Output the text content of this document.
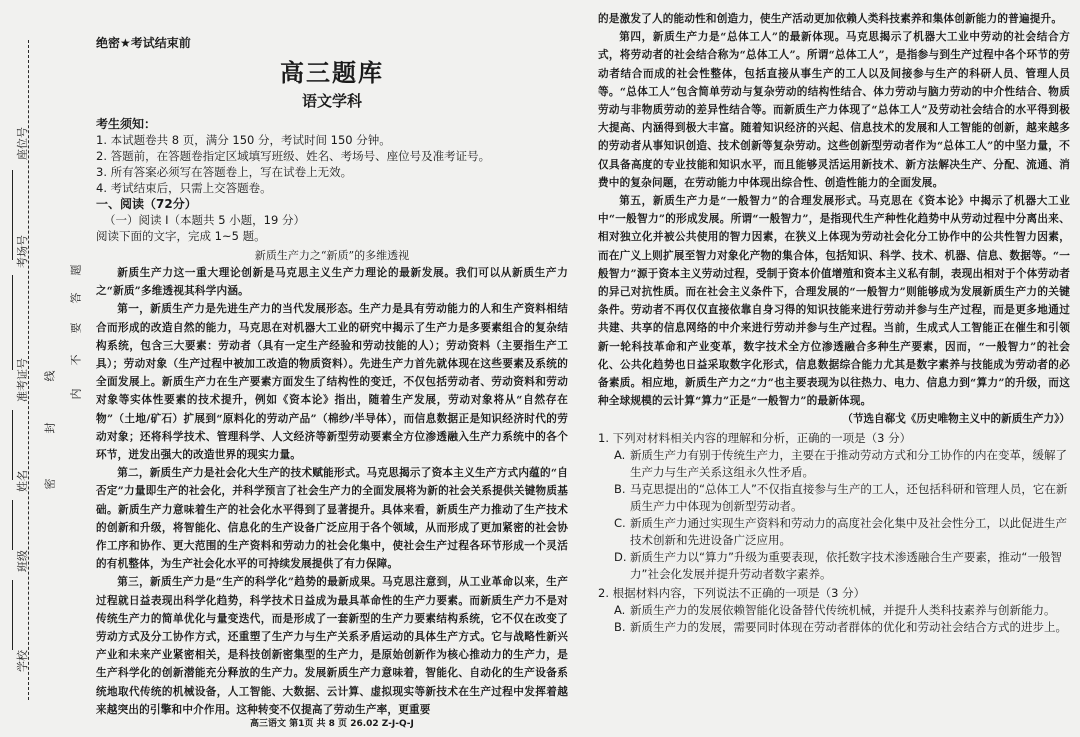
座位号
考场号
准考证号
姓名
班级
学校
密
封
线
内
不
要
答
题
绝密★考试结束前
高三题库
语文学科
考生须知：
1. 本试题卷共 8 页，满分 150 分，考试时间 150 分钟。
2. 答题前，在答题卷指定区域填写班级、姓名、考场号、座位号及准考证号。
3. 所有答案必须写在答题卷上，写在试卷上无效。
4. 考试结束后，只需上交答题卷。
一、阅读（72分）
（一）阅读 I（本题共 5 小题，19 分）
阅读下面的文字，完成 1~5 题。
新质生产力之“新质”的多维透视
新质生产力这一重大理论创新是马克思主义生产力理论的最新发展。我们可以从新质生产力之“新质”多维透视其科学内涵。
第一，新质生产力是先进生产力的当代发展形态。生产力是具有劳动能力的人和生产资料相结合而形成的改造自然的能力，马克思在对机器大工业的研究中揭示了生产力是多要素组合的复杂结构系统，包含三大要素：劳动者（具有一定生产经验和劳动技能的人）；劳动资料（主要指生产工具）；劳动对象（生产过程中被加工改造的物质资料）。先进生产力首先就体现在这些要素及系统的全面发展上。新质生产力在生产要素方面发生了结构性的变迁，不仅包括劳动者、劳动资料和劳动对象等实体性要素的技术提升，例如《资本论》指出，随着生产发展，劳动对象将从“自然存在物”（土地/矿石）扩展到“原料化的劳动产品”（棉纱/半导体），而信息数据正是知识经济时代的劳动对象；还将科学技术、管理科学、人文经济等新型劳动要素全方位渗透融入生产力系统中的各个环节，迸发出强大的改造世界的现实力量。
第二，新质生产力是社会化大生产的技术赋能形式。马克思揭示了资本主义生产方式内蕴的“自否定”力量即生产的社会化，并科学预言了社会生产力的全面发展将为新的社会关系提供关键物质基础。新质生产力意味着生产的社会化水平得到了显著提升。具体来看，新质生产力推动了生产技术的创新和升级，将智能化、信息化的生产设备广泛应用于各个领域，从而形成了更加紧密的社会协作工序和协作、更大范围的生产资料和劳动力的社会化集中，使社会生产过程各环节形成一个灵活的有机整体，为生产社会化水平的可持续发展提供了有力保障。
第三，新质生产力是“生产的科学化”趋势的最新成果。马克思注意到，从工业革命以来，生产过程就日益表现出科学化趋势，科学技术日益成为最具革命性的生产力要素。而新质生产力不是对传统生产力的简单优化与量变迭代，而是形成了一套新型的生产力要素结构系统，它不仅在改变了劳动方式及分工协作方式，还重塑了生产力与生产关系矛盾运动的具体生产方式。它与战略性新兴产业和未来产业紧密相关，是科技创新密集型的生产力，是原始创新作为核心推动力的生产力，是生产科学化的创新潜能充分释放的生产力。发展新质生产力意味着，智能化、自动化的生产设备系统地取代传统的机械设备，人工智能、大数据、云计算、虚拟现实等新技术在生产过程中发挥着越来越突出的引擎和中介作用。这种转变不仅提高了劳动生产率，更重要
高三语文 第1页 共 8 页 26.02 Z-J-Q-J
的是激发了人的能动性和创造力，使生产活动更加依赖人类科技素养和集体创新能力的普遍提升。
第四，新质生产力是“总体工人”的最新体现。马克思揭示了机器大工业中劳动的社会结合方式，将劳动者的社会结合称为“总体工人”。所谓“总体工人”，是指参与到生产过程中各个环节的劳动者结合而成的社会性整体，包括直接从事生产的工人以及间接参与生产的科研人员、管理人员等。“总体工人”包含简单劳动与复杂劳动的结构性结合、体力劳动与脑力劳动的中介性结合、物质劳动与非物质劳动的差异性结合等。而新质生产力体现了“总体工人”及劳动社会结合的水平得到极大提高、内涵得到极大丰富。随着知识经济的兴起、信息技术的发展和人工智能的创新，越来越多的劳动者从事知识创造、技术创新等复杂劳动。这些创新型劳动者作为“总体工人”的中坚力量，不仅具备高度的专业技能和知识水平，而且能够灵活运用新技术、新方法解决生产、分配、流通、消费中的复杂问题，在劳动能力中体现出综合性、创造性能力的全面发展。
第五，新质生产力是“一般智力”的合理发展形式。马克思在《资本论》中揭示了机器大工业中“一般智力”的形成发展。所谓“一般智力”，是指现代生产种性化趋势中从劳动过程中分离出来、相对独立化并被公共使用的智力因素，在狭义上体现为劳动社会化分工协作中的公共性智力因素，而在广义上则扩展至智力对象化产物的集合体，包括知识、科学、技术、机器、信息、数据等。“一般智力”源于资本主义劳动过程，受制于资本价值增殖和资本主义私有制，表现出相对于个体劳动者的异己对抗性质。而在社会主义条件下，合理发展的“一般智力”则能够成为发展新质生产力的关键条件。劳动者不再仅仅直接依靠自身习得的知识技能来进行劳动并参与生产过程，而是更多地通过共建、共享的信息网络的中介来进行劳动并参与生产过程。当前，生成式人工智能正在催生和引领新一轮科技革命和产业变革，数字技术全方位渗透融合多种生产要素，因而，“一般智力”的社会化、公共化趋势也日益采取数字化形式，信息数据综合能力尤其是数字素养与技能成为劳动者的必备素质。相应地，新质生产力之“力”也主要表现为以往热力、电力、信息力到“算力”的升级，而这种全球规模的云计算“算力”正是“一般智力”的最新体现。
（节选自郗戈《历史唯物主义中的新质生产力》）
1. 下列对材料相关内容的理解和分析，正确的一项是（3 分）
A. 新质生产力有别于传统生产力，主要在于推动劳动方式和分工协作的内在变革，缓解了生产力与生产关系这组永久性矛盾。
B. 马克思提出的“总体工人”不仅指直接参与生产的工人，还包括科研和管理人员，它在新质生产力中体现为创新型劳动者。
C. 新质生产力通过实现生产资料和劳动力的高度社会化集中及社会性分工，以此促进生产技术创新和先进设备广泛应用。
D. 新质生产力以“算力”升级为重要表现，依托数字技术渗透融合生产要素，推动“一般智力”社会化发展并提升劳动者数字素养。
2. 根据材料内容，下列说法不正确的一项是（3 分）
A. 新质生产力的发展依赖智能化设备替代传统机械，并提升人类科技素养与创新能力。
B. 新质生产力的发展，需要同时体现在劳动者群体的优化和劳动社会结合方式的进步上。
